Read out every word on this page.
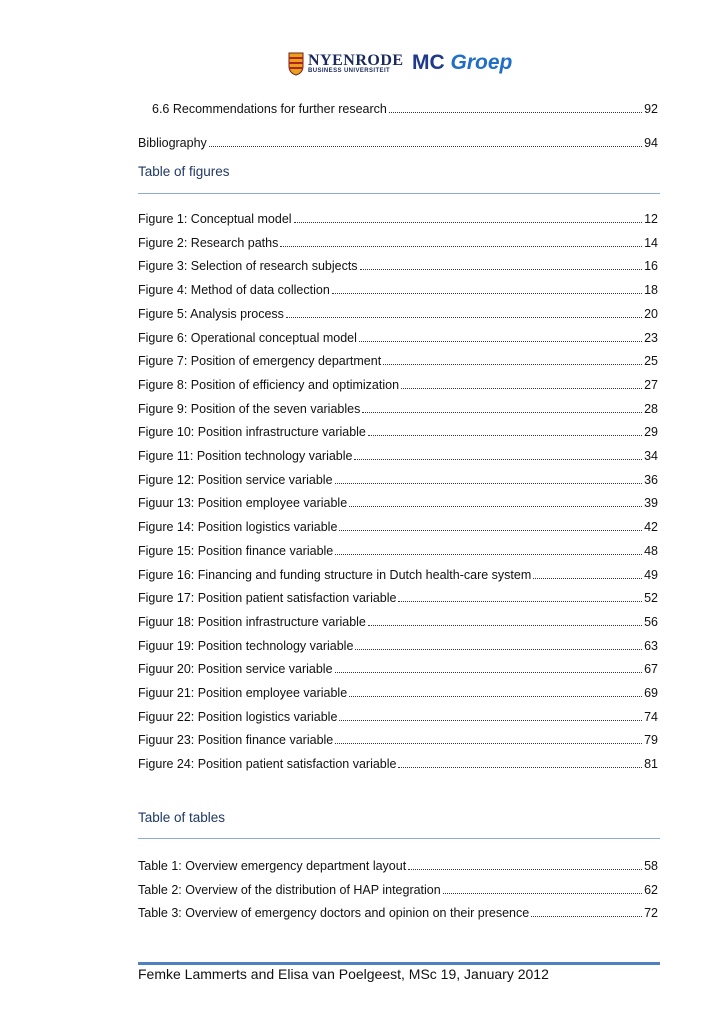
NYENRODE
BUSINESS UNIVERSITEIT MC Groep
6.6 Recommendations for further research	92
Bibliography	94
Table of figures
Figure 1: Conceptual model	12
Figure 2: Research paths	14
Figure 3: Selection of research subjects	16
Figure 4: Method of data collection	18
Figure 5: Analysis process	20
Figure 6: Operational conceptual model	23
Figure 7: Position of emergency department	25
Figure 8: Position of efficiency and optimization	27
Figure 9: Position of the seven variables	28
Figure 10: Position infrastructure variable	29
Figure 11: Position technology variable	34
Figure 12: Position service variable	36
Figuur 13: Position employee variable	39
Figure 14: Position logistics variable	42
Figure 15: Position finance variable	48
Figure 16: Financing and funding structure in Dutch health-care system	49
Figure 17: Position patient satisfaction variable	52
Figuur 18: Position infrastructure variable	56
Figuur 19: Position technology variable	63
Figuur 20: Position service variable	67
Figuur 21: Position employee variable	69
Figuur 22: Position logistics variable	74
Figuur 23: Position finance variable	79
Figure 24: Position patient satisfaction variable	81
Table of tables
Table 1: Overview emergency department layout	58
Table 2: Overview of the distribution of HAP integration	62
Table 3: Overview of emergency doctors and opinion on their presence	72
Femke Lammerts and Elisa van Poelgeest, MSc 19, January 2012
